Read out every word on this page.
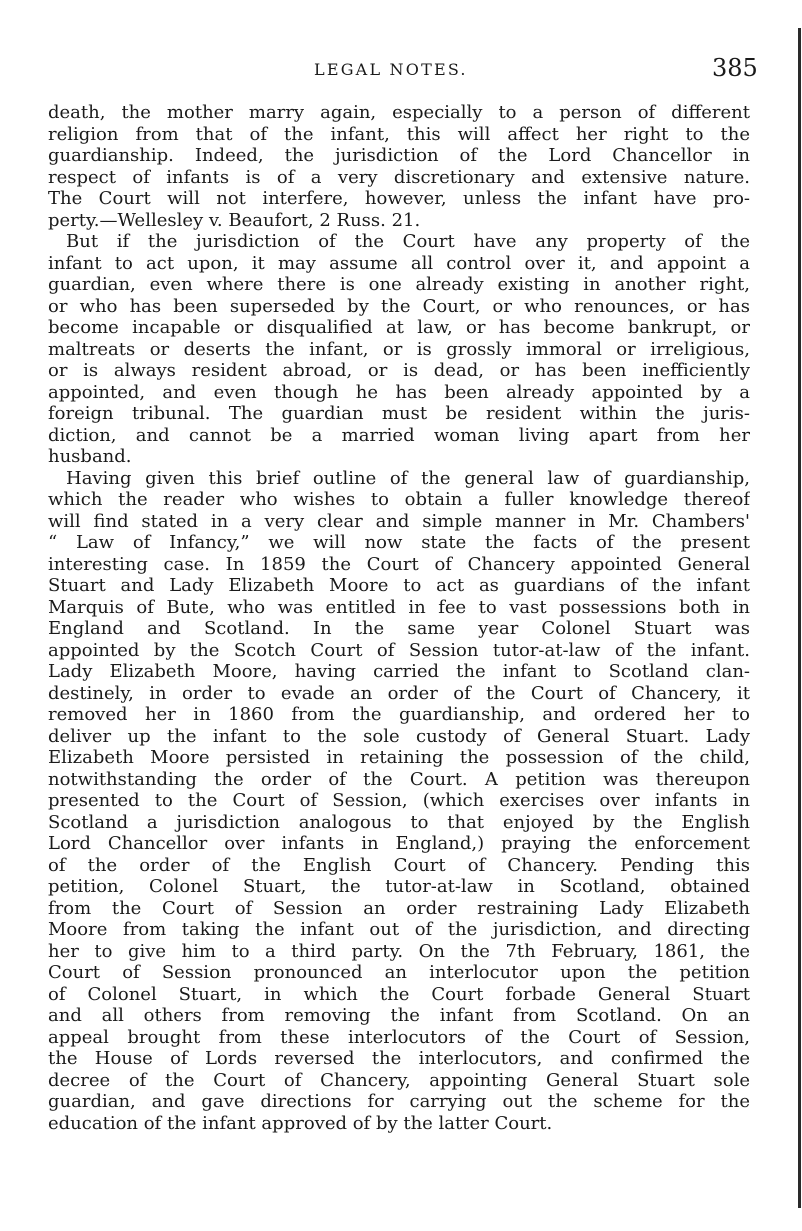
LEGAL NOTES.	385
death, the mother marry again, especially to a person of different
religion from that of the infant, this will affect her right to the
guardianship. Indeed, the jurisdiction of the Lord Chancellor in
respect of infants is of a very discretionary and extensive nature.
The Court will not interfere, however, unless the infant have pro-
perty.—Wellesley v. Beaufort, 2 Russ. 21.
But if the jurisdiction of the Court have any property of the
infant to act upon, it may assume all control over it, and appoint a
guardian, even where there is one already existing in another right,
or who has been superseded by the Court, or who renounces, or has
become incapable or disqualified at law, or has become bankrupt, or
maltreats or deserts the infant, or is grossly immoral or irreligious,
or is always resident abroad, or is dead, or has been inefficiently
appointed, and even though he has been already appointed by a
foreign tribunal. The guardian must be resident within the juris-
diction, and cannot be a married woman living apart from her
husband.
Having given this brief outline of the general law of guardianship,
which the reader who wishes to obtain a fuller knowledge thereof
will find stated in a very clear and simple manner in Mr. Chambers'
“ Law of Infancy,” we will now state the facts of the present
interesting case. In 1859 the Court of Chancery appointed General
Stuart and Lady Elizabeth Moore to act as guardians of the infant
Marquis of Bute, who was entitled in fee to vast possessions both in
England and Scotland. In the same year Colonel Stuart was
appointed by the Scotch Court of Session tutor-at-law of the infant.
Lady Elizabeth Moore, having carried the infant to Scotland clan-
destinely, in order to evade an order of the Court of Chancery, it
removed her in 1860 from the guardianship, and ordered her to
deliver up the infant to the sole custody of General Stuart. Lady
Elizabeth Moore persisted in retaining the possession of the child,
notwithstanding the order of the Court. A petition was thereupon
presented to the Court of Session, (which exercises over infants in
Scotland a jurisdiction analogous to that enjoyed by the English
Lord Chancellor over infants in England,) praying the enforcement
of the order of the English Court of Chancery. Pending this
petition, Colonel Stuart, the tutor-at-law in Scotland, obtained
from the Court of Session an order restraining Lady Elizabeth
Moore from taking the infant out of the jurisdiction, and directing
her to give him to a third party. On the 7th February, 1861, the
Court of Session pronounced an interlocutor upon the petition
of Colonel Stuart, in which the Court forbade General Stuart
and all others from removing the infant from Scotland. On an
appeal brought from these interlocutors of the Court of Session,
the House of Lords reversed the interlocutors, and confirmed the
decree of the Court of Chancery, appointing General Stuart sole
guardian, and gave directions for carrying out the scheme for the
education of the infant approved of by the latter Court.
